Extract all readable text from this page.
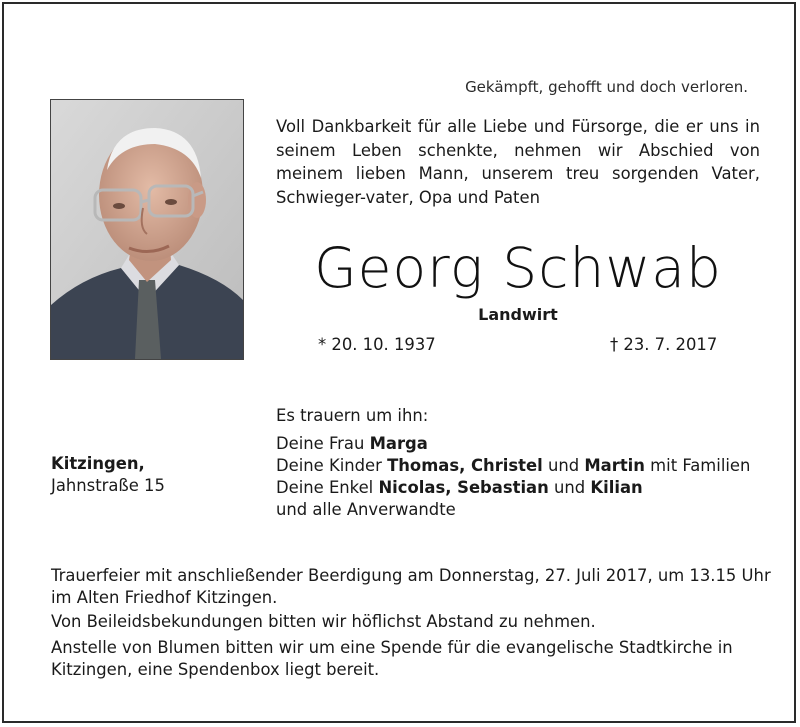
Gekämpft, gehofft und doch verloren.
Voll Dankbarkeit für alle Liebe und Fürsorge, die er uns in seinem Leben schenkte, nehmen wir Abschied von meinem lieben Mann, unserem treu sorgenden Vater, Schwieger-vater, Opa und Paten
Georg Schwab
Landwirt
* 20. 10. 1937	† 23. 7. 2017
Es trauern um ihn:
Deine Frau Marga
Deine Kinder Thomas, Christel und Martin mit Familien
Deine Enkel Nicolas, Sebastian und Kilian
und alle Anverwandte
Kitzingen,
Jahnstraße 15
Trauerfeier mit anschließender Beerdigung am Donnerstag, 27. Juli 2017, um 13.15 Uhr
im Alten Friedhof Kitzingen.
Von Beileidsbekundungen bitten wir höflichst Abstand zu nehmen.
Anstelle von Blumen bitten wir um eine Spende für die evangelische Stadtkirche in
Kitzingen, eine Spendenbox liegt bereit.
